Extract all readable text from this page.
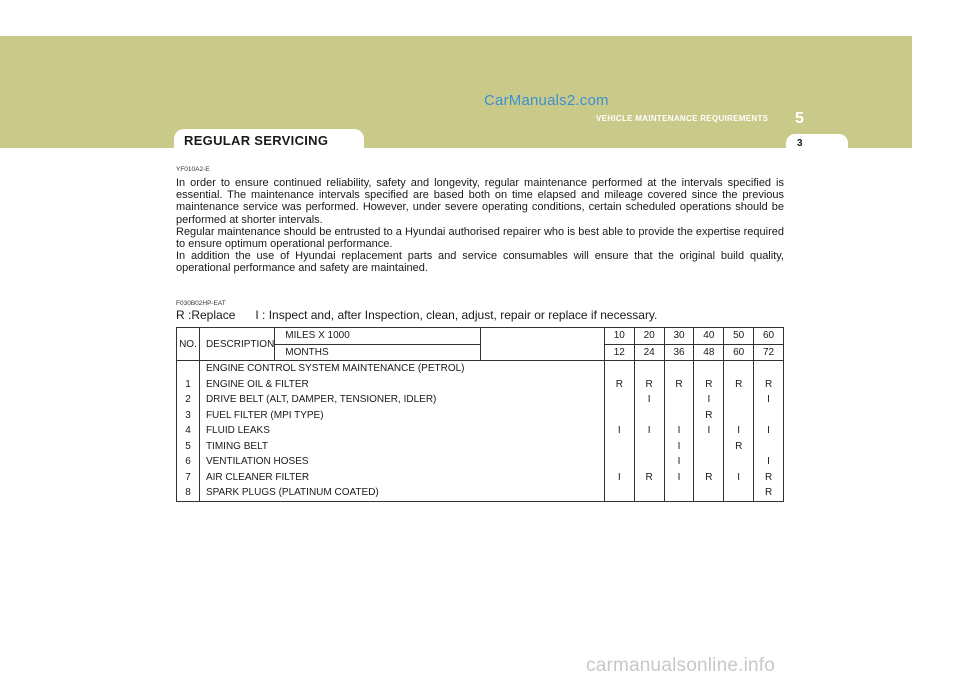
CarManuals2.com
VEHICLE MAINTENANCE REQUIREMENTS 5
3
REGULAR SERVICING
YF010A2-E

In order to ensure continued reliability, safety and longevity, regular maintenance performed at the intervals specified is essential. The maintenance intervals specified are based both on time elapsed and mileage covered since the previous maintenance service was performed. However, under severe operating conditions, certain scheduled operations should be performed at shorter intervals.

Regular maintenance should be entrusted to a Hyundai authorised repairer who is best able to provide the expertise required to ensure optimum operational performance.

In addition the use of Hyundai replacement parts and service consumables will ensure that the original build quality, operational performance and safety are maintained.

F030B02HP-EAT
R :Replace I : Inspect and, after Inspection, clean, adjust, repair or replace if necessary.
NO.	DESCRIPTION	MILES X 1000		10	20	30	40	50	60
		MONTHS		12	24	36	48	60	72
	ENGINE CONTROL SYSTEM MAINTENANCE (PETROL)								
1	ENGINE OIL & FILTER			R	R	R	R	R	R
2	DRIVE BELT (ALT, DAMPER, TENSIONER, IDLER)				I		I		I
3	FUEL FILTER (MPI TYPE)						R		
4	FLUID LEAKS			I	I	I	I	I	I
5	TIMING BELT					I		R	
6	VENTILATION HOSES					I			I
7	AIR CLEANER FILTER			I	R	I	R	I	R
8	SPARK PLUGS (PLATINUM COATED)								R
carmanualsonline.info
